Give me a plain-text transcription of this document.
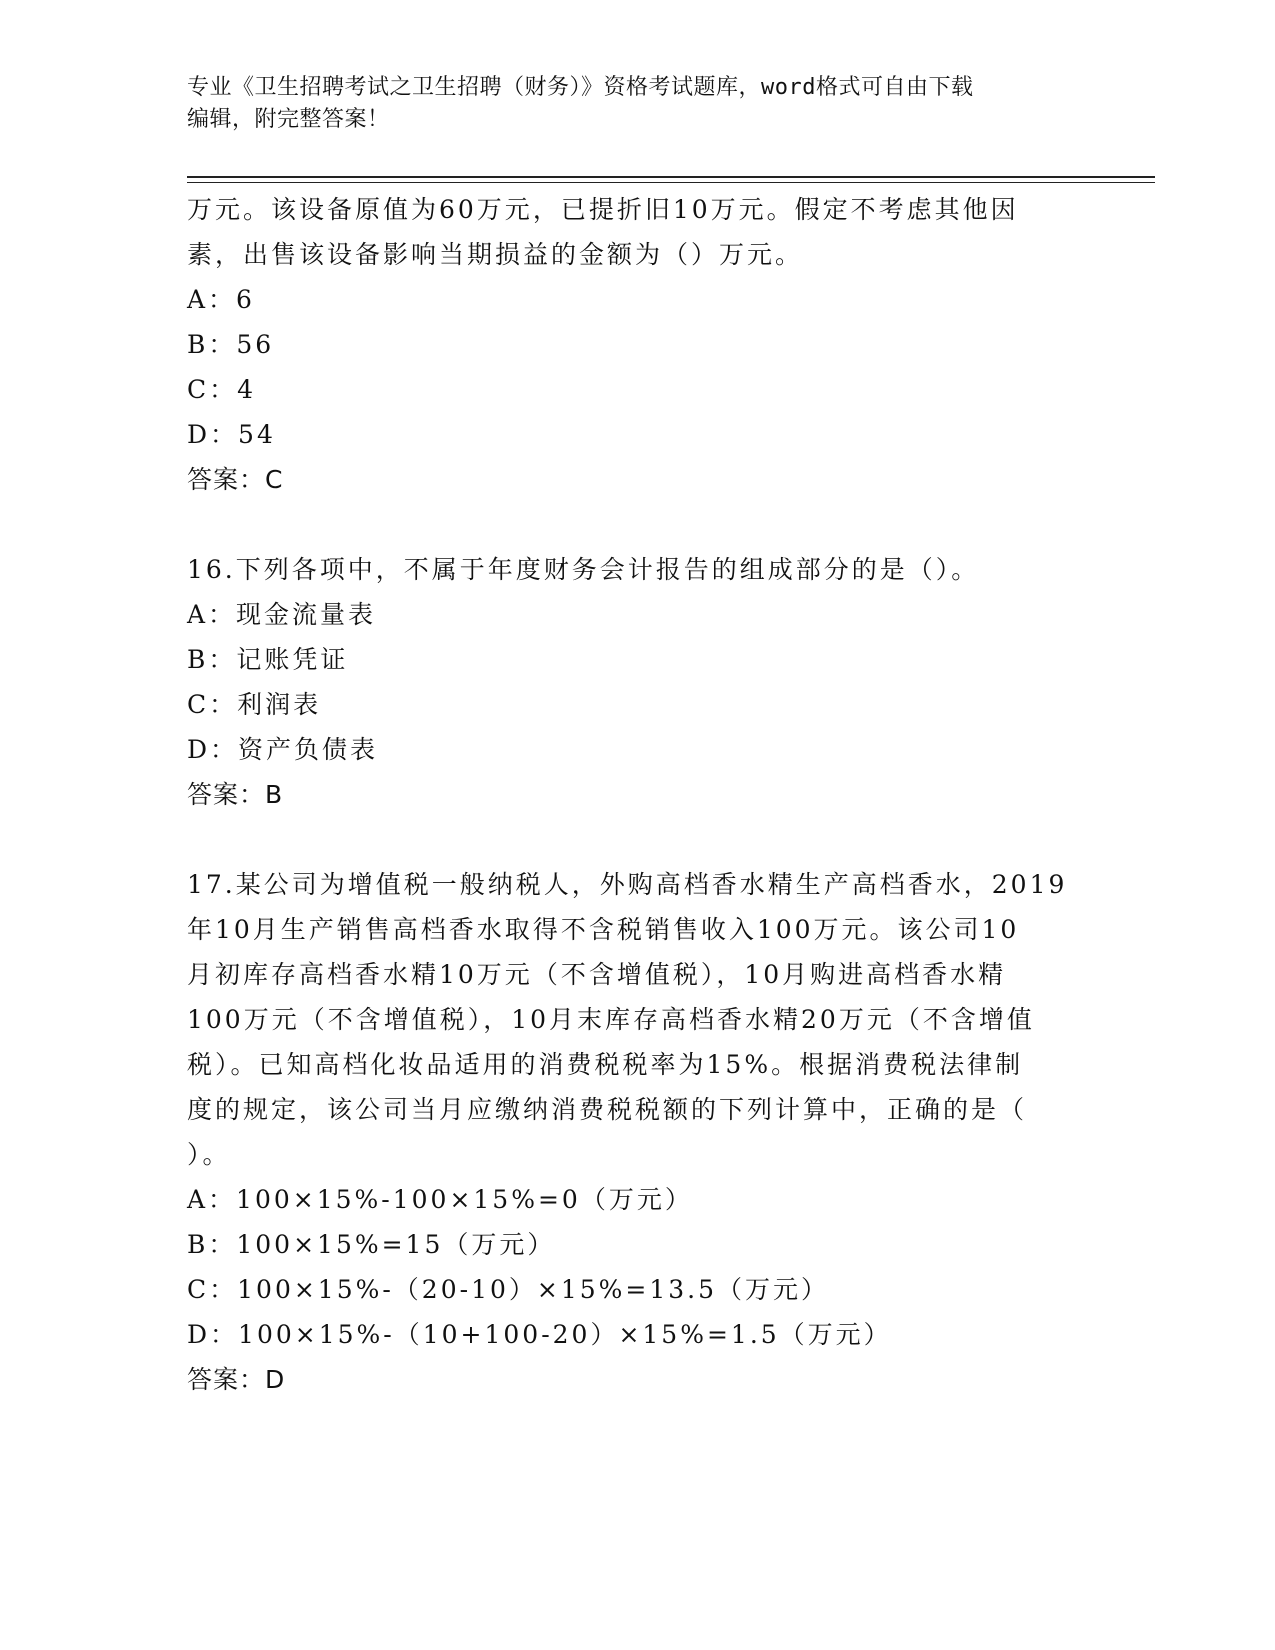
专业《卫生招聘考试之卫生招聘（财务）》资格考试题库，word格式可自由下载
编辑，附完整答案！

万元。该设备原值为60万元，已提折旧10万元。假定不考虑其他因

素，出售该设备影响当期损益的金额为（）万元。

A：6

B：56

C：4

D：54

答案：C

16.下列各项中，不属于年度财务会计报告的组成部分的是（）。

A：现金流量表

B：记账凭证

C：利润表

D：资产负债表

答案：B

17.某公司为增值税一般纳税人，外购高档香水精生产高档香水，2019

年10月生产销售高档香水取得不含税销售收入100万元。该公司10

月初库存高档香水精10万元（不含增值税），10月购进高档香水精

100万元（不含增值税），10月末库存高档香水精20万元（不含增值

税）。已知高档化妆品适用的消费税税率为15%。根据消费税法律制

度的规定，该公司当月应缴纳消费税税额的下列计算中，正确的是（

）。

A：100×15%-100×15%=0（万元）

B：100×15%=15（万元）

C：100×15%-（20-10）×15%=13.5（万元）

D：100×15%-（10+100-20）×15%=1.5（万元）

答案：D
